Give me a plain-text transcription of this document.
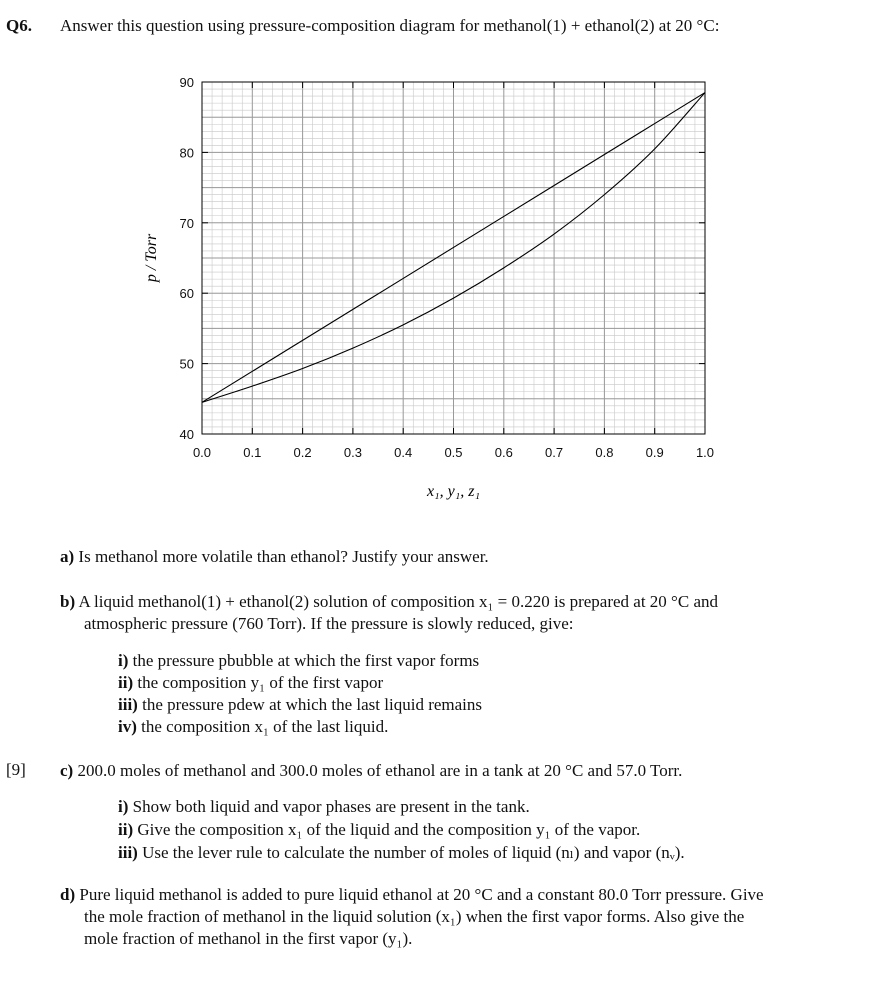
Q6. Answer this question using pressure-composition diagram for methanol(1) + ethanol(2) at 20 °C:
0.0 0.1 0.2 0.3 0.4 0.5 0.6 0.7 0.8 0.9 1.0
40
50
60
70
80
90
p / Torr
x₁, y₁, z₁
a) Is methanol more volatile than ethanol? Justify your answer.
b) A liquid methanol(1) + ethanol(2) solution of composition x₁ = 0.220 is prepared at 20 °C and
atmospheric pressure (760 Torr). If the pressure is slowly reduced, give:
i) the pressure pbubble at which the first vapor forms
ii) the composition y₁ of the first vapor
iii) the pressure pdew at which the last liquid remains
iv) the composition x₁ of the last liquid.
[9] c) 200.0 moles of methanol and 300.0 moles of ethanol are in a tank at 20 °C and 57.0 Torr.
i) Show both liquid and vapor phases are present in the tank.
ii) Give the composition x₁ of the liquid and the composition y₁ of the vapor.
iii) Use the lever rule to calculate the number of moles of liquid (nₗ) and vapor (nᵥ).
d) Pure liquid methanol is added to pure liquid ethanol at 20 °C and a constant 80.0 Torr pressure. Give
the mole fraction of methanol in the liquid solution (x₁) when the first vapor forms. Also give the
mole fraction of methanol in the first vapor (y₁).
